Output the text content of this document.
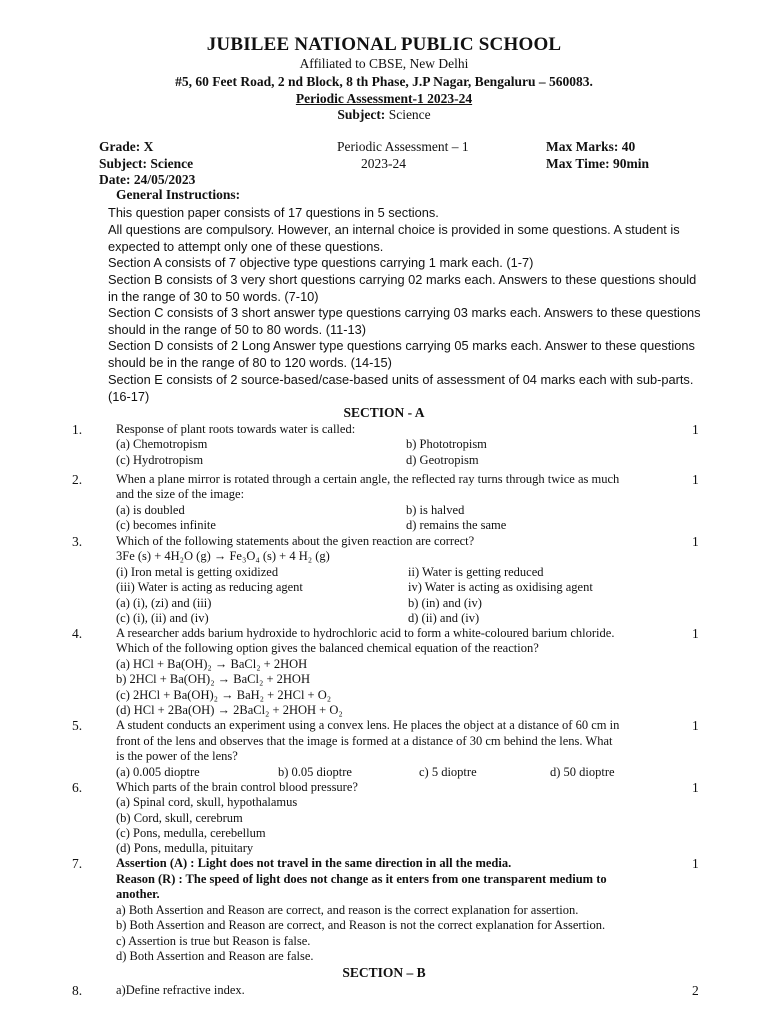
JUBILEE NATIONAL PUBLIC SCHOOL
Affiliated to CBSE, New Delhi
#5, 60 Feet Road, 2 nd Block, 8 th Phase, J.P Nagar, Bengaluru – 560083.
Periodic Assessment-1 2023-24
Subject: Science
Grade: X
Subject: Science
Date: 24/05/2023
Periodic Assessment – 1
2023-24
Max Marks: 40
Max Time: 90min
General Instructions:
This question paper consists of 17 questions in 5 sections.
All questions are compulsory. However, an internal choice is provided in some questions. A student is expected to attempt only one of these questions.
Section A consists of 7 objective type questions carrying 1 mark each. (1-7)
Section B consists of 3 very short questions carrying 02 marks each. Answers to these questions should in the range of 30 to 50 words. (7-10)
Section C consists of 3 short answer type questions carrying 03 marks each. Answers to these questions should in the range of 50 to 80 words. (11-13)
Section D consists of 2 Long Answer type questions carrying 05 marks each. Answer to these questions should be in the range of 80 to 120 words. (14-15)
Section E consists of 2 source-based/case-based units of assessment of 04 marks each with sub-parts. (16-17)
SECTION - A
1.	Response of plant roots towards water is called:	1
(a) Chemotropism	b) Phototropism
(c) Hydrotropism	d) Geotropism
2.	When a plane mirror is rotated through a certain angle, the reflected ray turns through twice as much	1
and the size of the image:
(a) is doubled	b) is halved
(c) becomes infinite	d) remains the same
3.	Which of the following statements about the given reaction are correct?	1
3Fe (s) + 4H₂O (g) → Fe₃O₄ (s) + 4 H₂ (g)
(i) Iron metal is getting oxidized	ii) Water is getting reduced
(iii) Water is acting as reducing agent	iv) Water is acting as oxidising agent
(a) (i), (zi) and (iii)	b) (in) and (iv)
(c) (i), (ii) and (iv)	d) (ii) and (iv)
4.	A researcher adds barium hydroxide to hydrochloric acid to form a white-coloured barium chloride.	1
Which of the following option gives the balanced chemical equation of the reaction?
(a) HCl + Ba(OH)₂ → BaCl₂ + 2HOH
b) 2HCl + Ba(OH)₂ → BaCl₂ + 2HOH
(c) 2HCl + Ba(OH)₂ → BaH₂ + 2HCl + O₂
(d) HCl + 2Ba(OH) → 2BaCl₂ + 2HOH + O₂
5.	A student conducts an experiment using a convex lens. He places the object at a distance of 60 cm in	1
front of the lens and observes that the image is formed at a distance of 30 cm behind the lens. What
is the power of the lens?
(a) 0.005 dioptre	b) 0.05 dioptre	c) 5 dioptre	d) 50 dioptre
6.	Which parts of the brain control blood pressure?	1
(a) Spinal cord, skull, hypothalamus
(b) Cord, skull, cerebrum
(c) Pons, medulla, cerebellum
(d) Pons, medulla, pituitary
7.	Assertion (A) : Light does not travel in the same direction in all the media.	1
Reason (R) : The speed of light does not change as it enters from one transparent medium to
another.
a) Both Assertion and Reason are correct, and reason is the correct explanation for assertion.
b) Both Assertion and Reason are correct, and Reason is not the correct explanation for Assertion.
c) Assertion is true but Reason is false.
d) Both Assertion and Reason are false.
SECTION – B
8.	a)Define refractive index.	2
